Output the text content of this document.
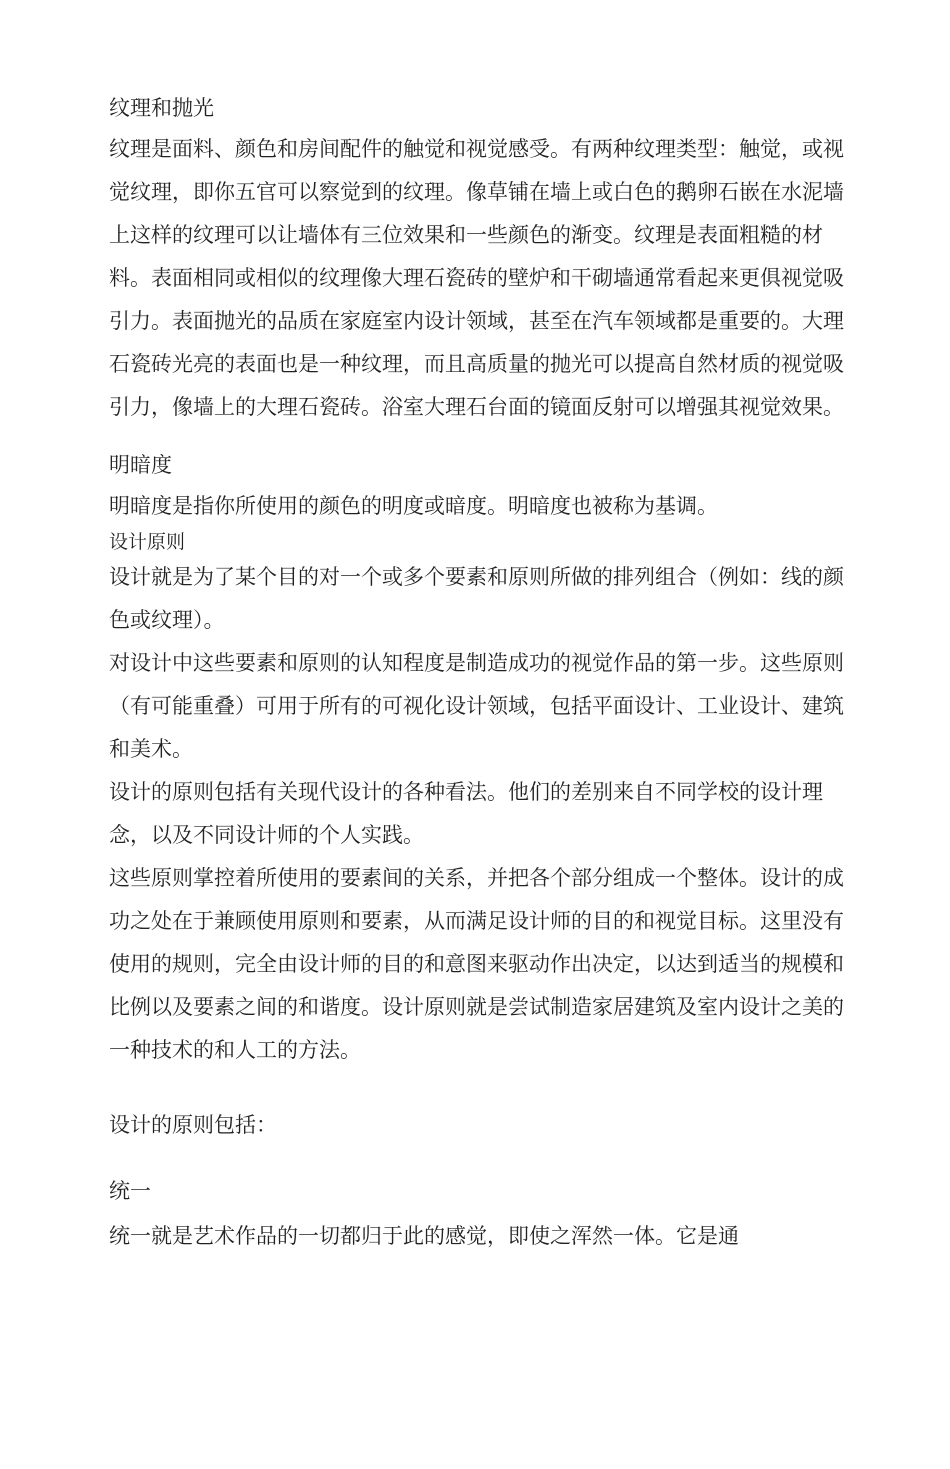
纹理和抛光

纹理是面料、颜色和房间配件的触觉和视觉感受。有两种纹理类型：触觉，或视觉纹理，即你五官可以察觉到的纹理。像草铺在墙上或白色的鹅卵石嵌在水泥墙上这样的纹理可以让墙体有三位效果和一些颜色的渐变。纹理是表面粗糙的材料。表面相同或相似的纹理像大理石瓷砖的壁炉和干砌墙通常看起来更俱视觉吸引力。表面抛光的品质在家庭室内设计领域，甚至在汽车领域都是重要的。大理石瓷砖光亮的表面也是一种纹理，而且高质量的抛光可以提高自然材质的视觉吸引力，像墙上的大理石瓷砖。浴室大理石台面的镜面反射可以增强其视觉效果。

明暗度

明暗度是指你所使用的颜色的明度或暗度。明暗度也被称为基调。

设计原则

设计就是为了某个目的对一个或多个要素和原则所做的排列组合（例如：线的颜色或纹理）。

对设计中这些要素和原则的认知程度是制造成功的视觉作品的第一步。这些原则（有可能重叠）可用于所有的可视化设计领域，包括平面设计、工业设计、建筑和美术。

设计的原则包括有关现代设计的各种看法。他们的差别来自不同学校的设计理念，以及不同设计师的个人实践。

这些原则掌控着所使用的要素间的关系，并把各个部分组成一个整体。设计的成功之处在于兼顾使用原则和要素，从而满足设计师的目的和视觉目标。这里没有使用的规则，完全由设计师的目的和意图来驱动作出决定，以达到适当的规模和比例以及要素之间的和谐度。设计原则就是尝试制造家居建筑及室内设计之美的一种技术的和人工的方法。

设计的原则包括：

统一

统一就是艺术作品的一切都归于此的感觉，即使之浑然一体。它是通
